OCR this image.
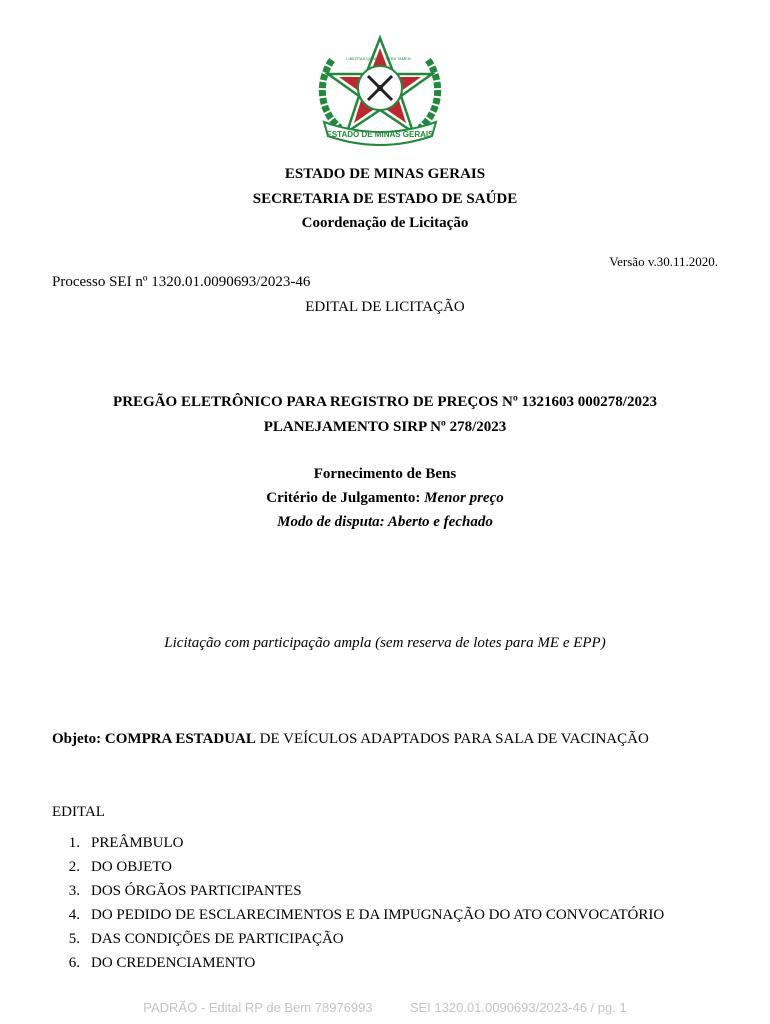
ESTADO DE MINAS GERAIS
LIBERTAS QUAE SERA TAMEN
ESTADO DE MINAS GERAIS
SECRETARIA DE ESTADO DE SAÚDE
Coordenação de Licitação
Versão v.30.11.2020.
Processo SEI nº 1320.01.0090693/2023-46
EDITAL DE LICITAÇÃO
PREGÃO ELETRÔNICO PARA REGISTRO DE PREÇOS Nº 1321603 000278/2023
PLANEJAMENTO SIRP Nº 278/2023
Fornecimento de Bens
Critério de Julgamento: Menor preço
Modo de disputa: Aberto e fechado
Licitação com participação ampla (sem reserva de lotes para ME e EPP)
Objeto: COMPRA ESTADUAL DE VEÍCULOS ADAPTADOS PARA SALA DE VACINAÇÃO
EDITAL
1. PREÂMBULO
2. DO OBJETO
3. DOS ÓRGÃOS PARTICIPANTES
4. DO PEDIDO DE ESCLARECIMENTOS E DA IMPUGNAÇÃO DO ATO CONVOCATÓRIO
5. DAS CONDIÇÕES DE PARTICIPAÇÃO
6. DO CREDENCIAMENTO
PADRÃO - Edital RP de Bem 78976993	SEI 1320.01.0090693/2023-46 / pg. 1
